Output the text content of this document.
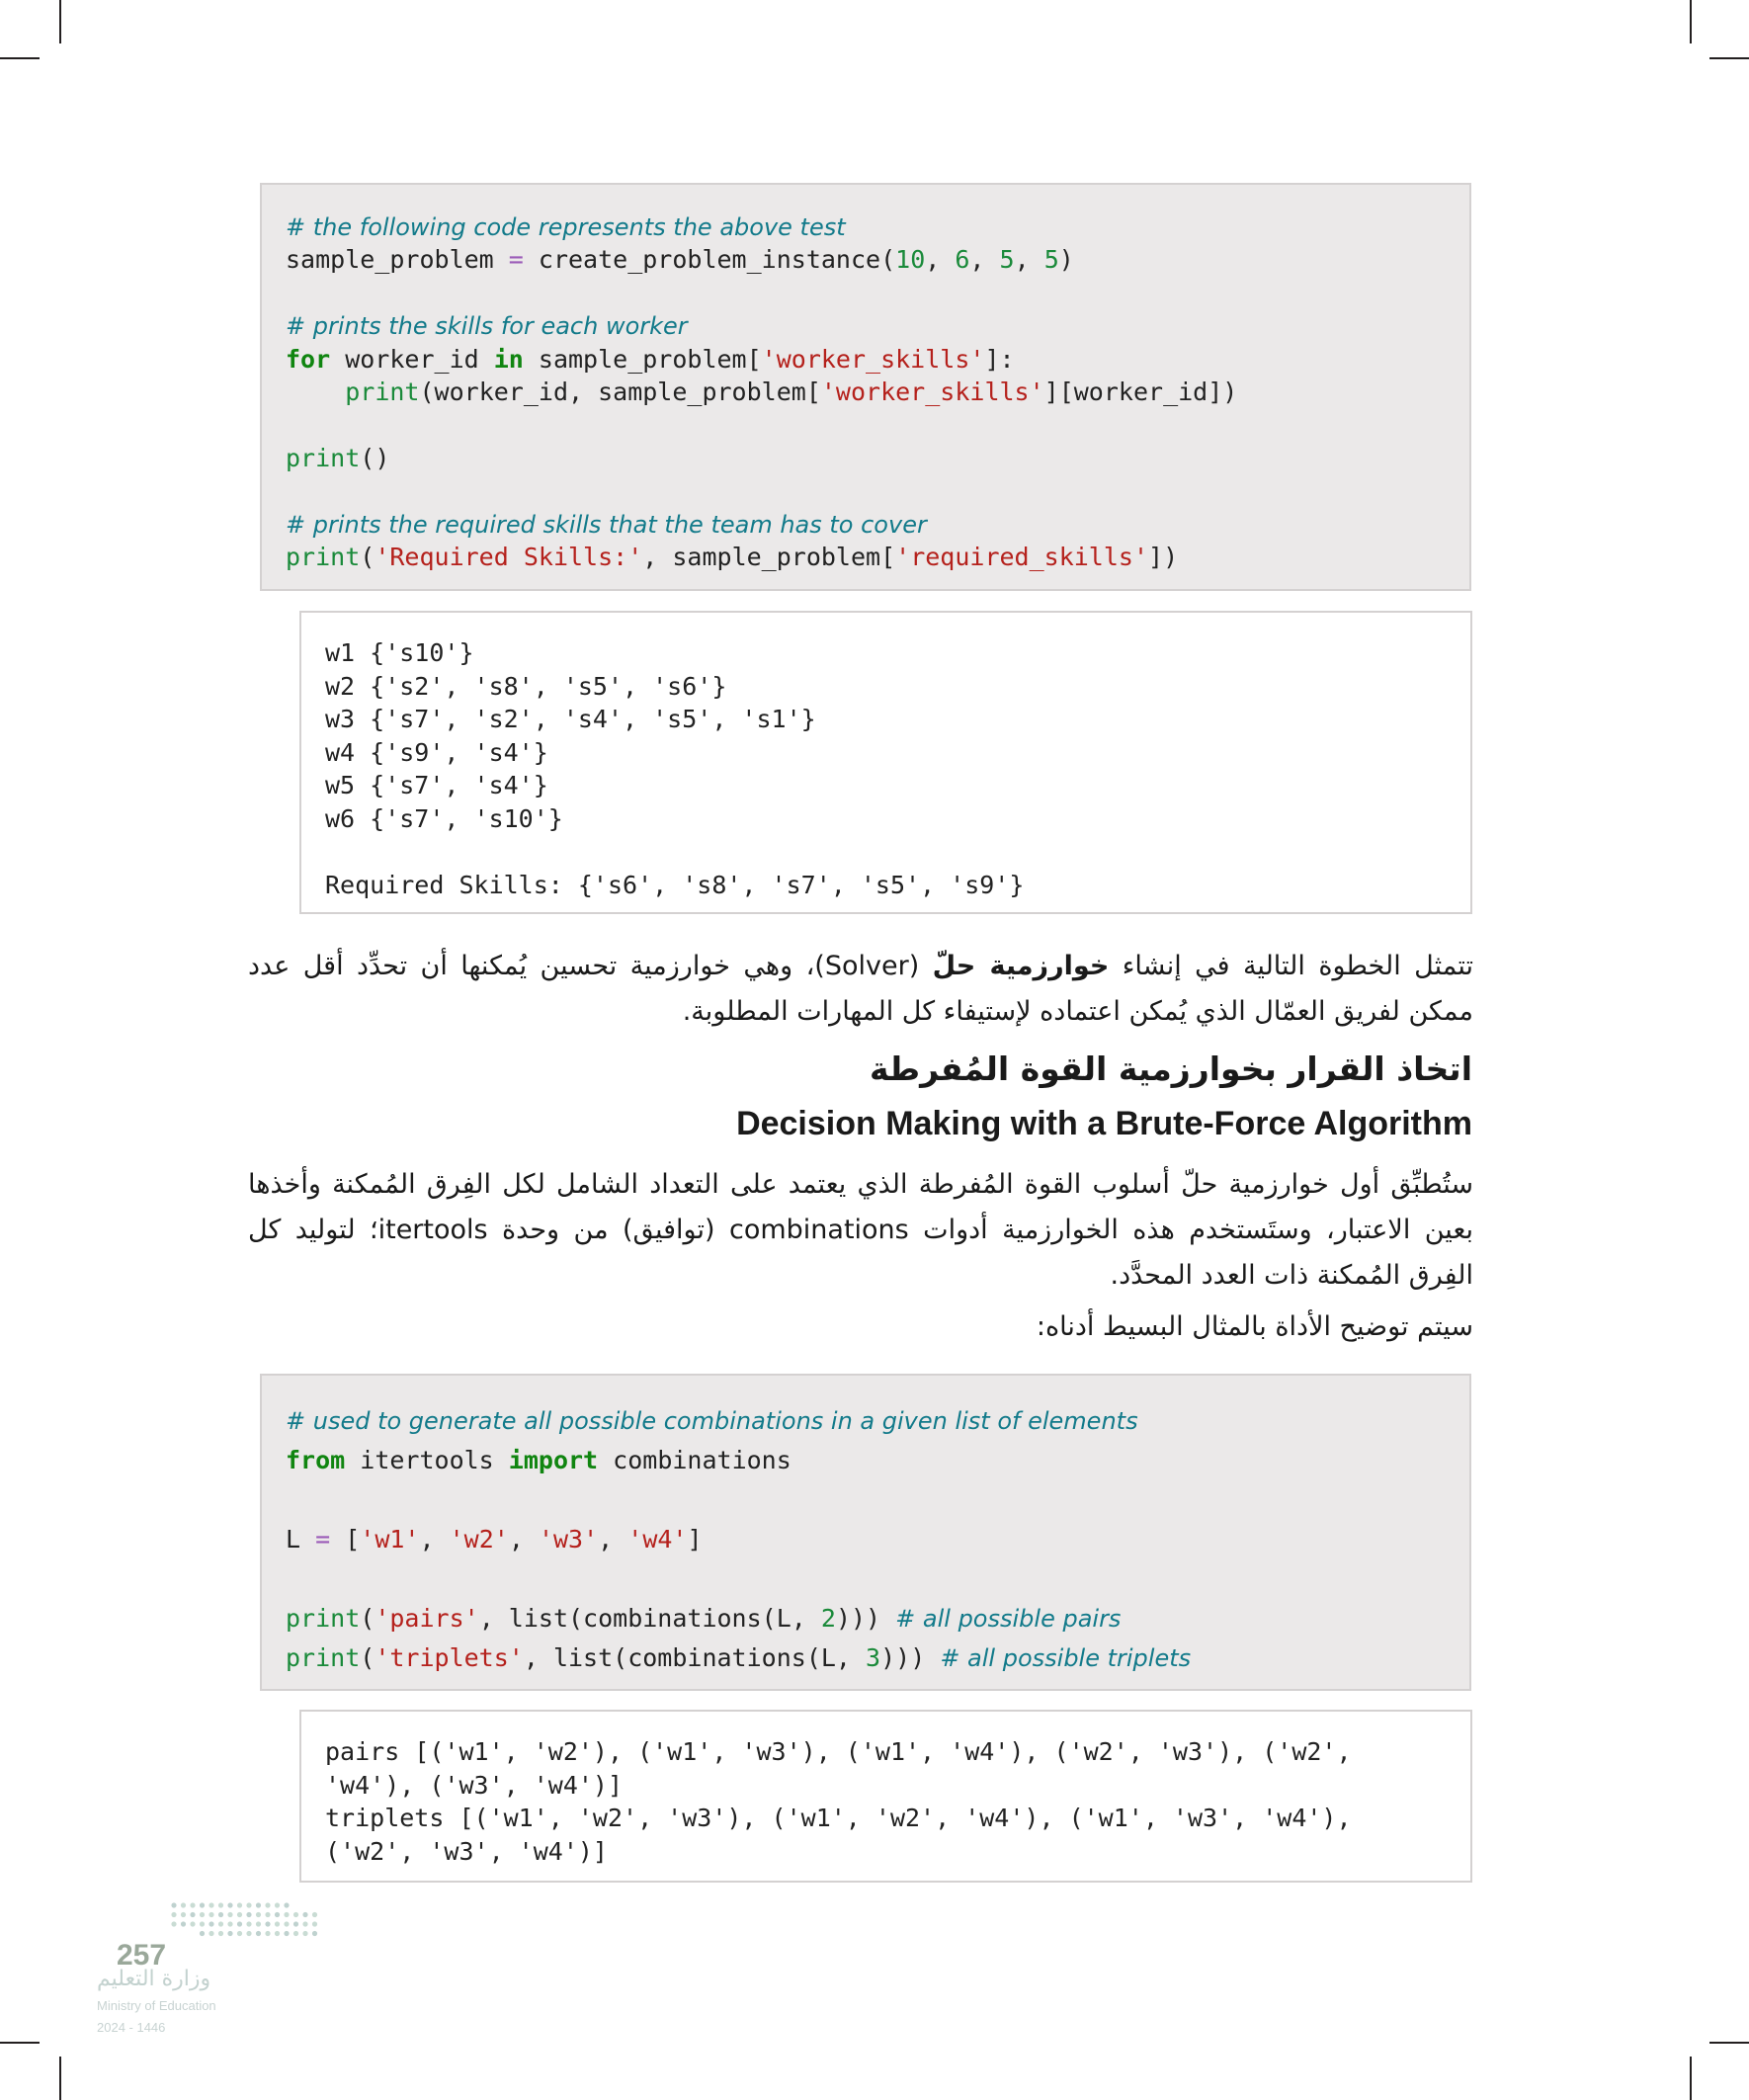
# the following code represents the above test
sample_problem = create_problem_instance(10, 6, 5, 5)

# prints the skills for each worker
for worker_id in sample_problem['worker_skills']:
print(worker_id, sample_problem['worker_skills'][worker_id])

print()

# prints the required skills that the team has to cover
print('Required Skills:', sample_problem['required_skills'])
w1 {'s10'}
w2 {'s2', 's8', 's5', 's6'}
w3 {'s7', 's2', 's4', 's5', 's1'}
w4 {'s9', 's4'}
w5 {'s7', 's4'}
w6 {'s7', 's10'}

Required Skills: {'s6', 's8', 's7', 's5', 's9'}
تتمثل الخطوة التالية في إنشاء خوارزمية حلّ (Solver)، وهي خوارزمية تحسين يُمكنها أن تحدِّد أقل عدد ممكن لفريق العمّال الذي يُمكن اعتماده لإستيفاء كل المهارات المطلوبة.
اتخاذ القرار بخوارزمية القوة المُفرطة
Decision Making with a Brute-Force Algorithm
ستُطبِّق أول خوارزمية حلّ أسلوب القوة المُفرطة الذي يعتمد على التعداد الشامل لكل الفِرق المُمكنة وأخذها بعين الاعتبار، وستَستخدم هذه الخوارزمية أدوات combinations (توافيق) من وحدة itertools؛ لتوليد كل الفِرق المُمكنة ذات العدد المحدَّد.
سيتم توضيح الأداة بالمثال البسيط أدناه:
# used to generate all possible combinations in a given list of elements
from itertools import combinations

L = ['w1', 'w2', 'w3', 'w4']

print('pairs', list(combinations(L, 2))) # all possible pairs
print('triplets', list(combinations(L, 3))) # all possible triplets
pairs [('w1', 'w2'), ('w1', 'w3'), ('w1', 'w4'), ('w2', 'w3'), ('w2',
'w4'), ('w3', 'w4')]
triplets [('w1', 'w2', 'w3'), ('w1', 'w2', 'w4'), ('w1', 'w3', 'w4'),
('w2', 'w3', 'w4')]
257
وزارة التعليم
Ministry of Education
2024 - 1446
